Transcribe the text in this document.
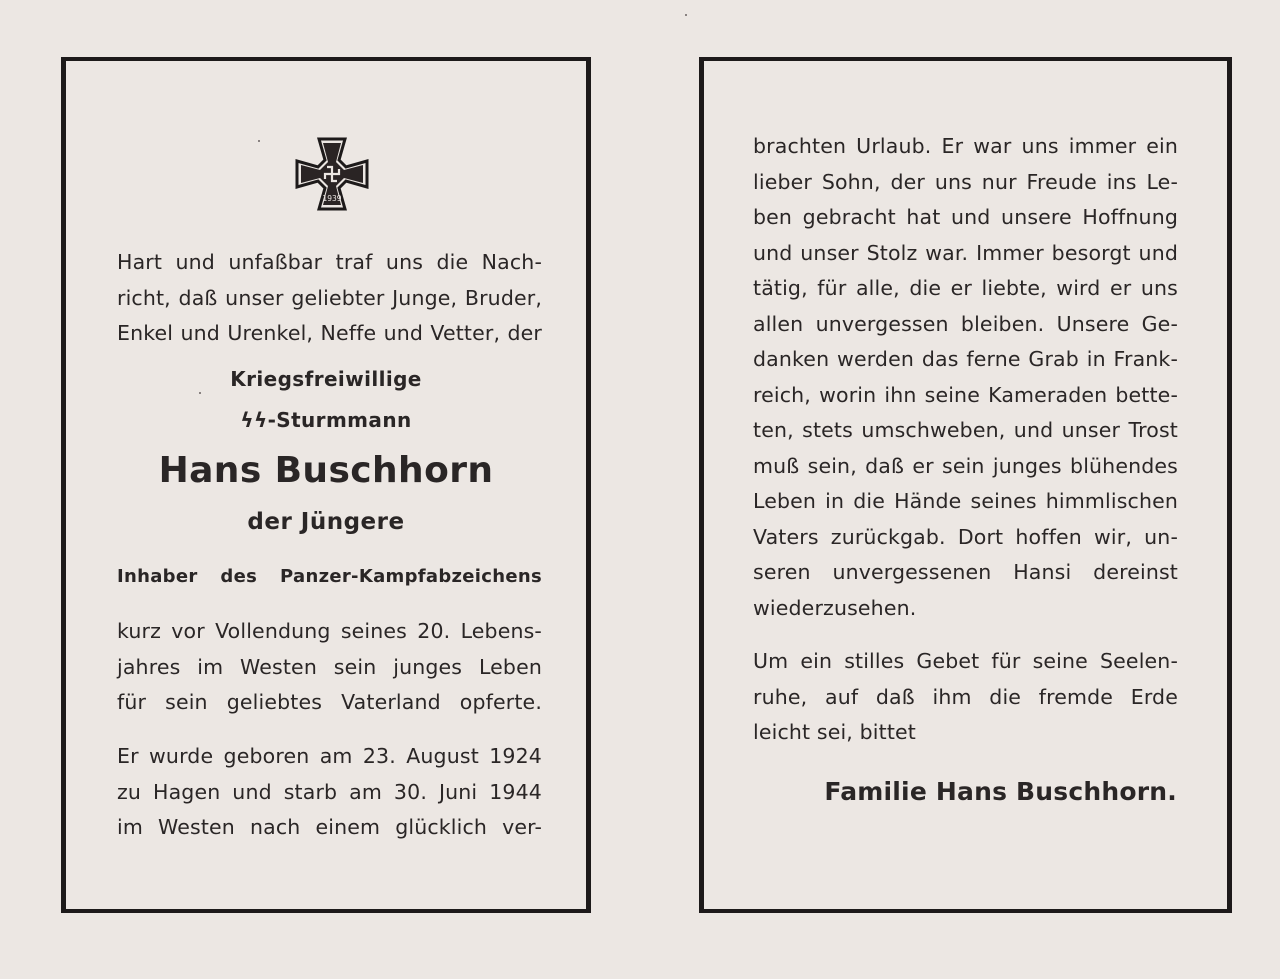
1939
Hart und unfaßbar traf uns die Nach-
richt, daß unser geliebter Junge, Bruder,
Enkel und Urenkel, Neffe und Vetter, der
Kriegsfreiwillige
ϟϟ-Sturmmann
Hans Buschhorn
der Jüngere
Inhaber des Panzer-Kampfabzeichens
kurz vor Vollendung seines 20. Lebens-
jahres im Westen sein junges Leben
für sein geliebtes Vaterland opferte.
Er wurde geboren am 23. August 1924
zu Hagen und starb am 30. Juni 1944
im Westen nach einem glücklich ver-
brachten Urlaub. Er war uns immer ein
lieber Sohn, der uns nur Freude ins Le-
ben gebracht hat und unsere Hoffnung
und unser Stolz war. Immer besorgt und
tätig, für alle, die er liebte, wird er uns
allen unvergessen bleiben. Unsere Ge-
danken werden das ferne Grab in Frank-
reich, worin ihn seine Kameraden bette-
ten, stets umschweben, und unser Trost
muß sein, daß er sein junges blühendes
Leben in die Hände seines himmlischen
Vaters zurückgab. Dort hoffen wir, un-
seren unvergessenen Hansi dereinst
wiederzusehen.
Um ein stilles Gebet für seine Seelen-
ruhe, auf daß ihm die fremde Erde
leicht sei, bittet
Familie Hans Buschhorn.
